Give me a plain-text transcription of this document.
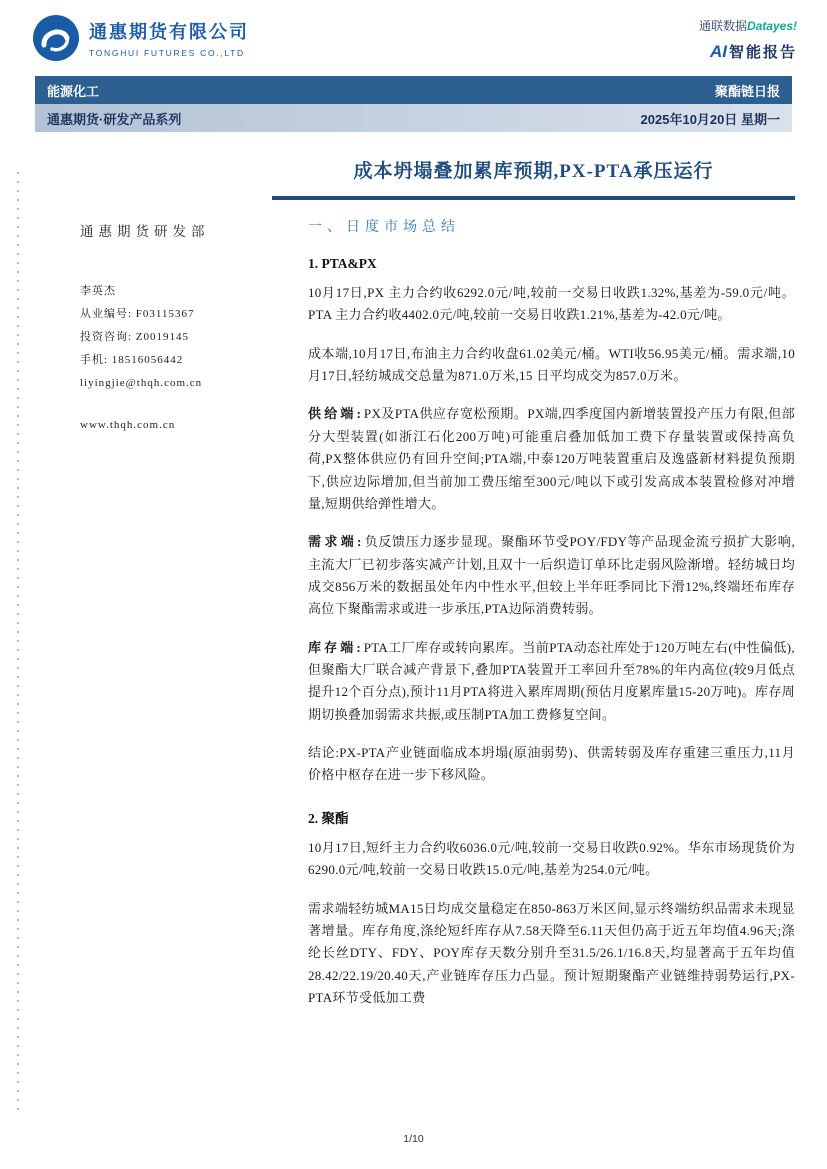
通惠期货有限公司
TONGHUI FUTURES CO.,LTD
通联数据Datayes!
AI 智能报告
能源化工	聚酯链日报
通惠期货·研发产品系列	2025年10月20日 星期一
成本坍塌叠加累库预期,PX-PTA承压运行
通惠期货研发部
李英杰
从业编号: F03115367
投资咨询: Z0019145
手机: 18516056442
liyingjie@thqh.com.cn
www.thqh.com.cn
一、日度市场总结
1. PTA&PX

10月17日,PX 主力合约收6292.0元/吨,较前一交易日收跌1.32%,基差为-59.0元/吨。PTA 主力合约收4402.0元/吨,较前一交易日收跌1.21%,基差为-42.0元/吨。

成本端,10月17日,布油主力合约收盘61.02美元/桶。WTI收56.95美元/桶。需求端,10月17日,轻纺城成交总量为871.0万米,15 日平均成交为857.0万米。

供给端:PX及PTA供应存宽松预期。PX端,四季度国内新增装置投产压力有限,但部分大型装置(如浙江石化200万吨)可能重启叠加低加工费下存量装置或保持高负荷,PX整体供应仍有回升空间;PTA端,中泰120万吨装置重启及逸盛新材料提负预期下,供应边际增加,但当前加工费压缩至300元/吨以下或引发高成本装置检修对冲增量,短期供给弹性增大。

需求端:负反馈压力逐步显现。聚酯环节受POY/FDY等产品现金流亏损扩大影响,主流大厂已初步落实减产计划,且双十一后织造订单环比走弱风险渐增。轻纺城日均成交856万米的数据虽处年内中性水平,但较上半年旺季同比下滑12%,终端坯布库存高位下聚酯需求或进一步承压,PTA边际消费转弱。

库存端:PTA工厂库存或转向累库。当前PTA动态社库处于120万吨左右(中性偏低),但聚酯大厂联合减产背景下,叠加PTA装置开工率回升至78%的年内高位(较9月低点提升12个百分点),预计11月PTA将进入累库周期(预估月度累库量15-20万吨)。库存周期切换叠加弱需求共振,或压制PTA加工费修复空间。

结论:PX-PTA产业链面临成本坍塌(原油弱势)、供需转弱及库存重建三重压力,11月价格中枢存在进一步下移风险。

2. 聚酯

10月17日,短纤主力合约收6036.0元/吨,较前一交易日收跌0.92%。华东市场现货价为6290.0元/吨,较前一交易日收跌15.0元/吨,基差为254.0元/吨。

需求端轻纺城MA15日均成交量稳定在850-863万米区间,显示终端纺织品需求未现显著增量。库存角度,涤纶短纤库存从7.58天降至6.11天但仍高于近五年均值4.96天;涤纶长丝DTY、FDY、POY库存天数分别升至31.5/26.1/16.8天,均显著高于五年均值28.42/22.19/20.40天,产业链库存压力凸显。预计短期聚酯产业链维持弱势运行,PX-PTA环节受低加工费

1/10
